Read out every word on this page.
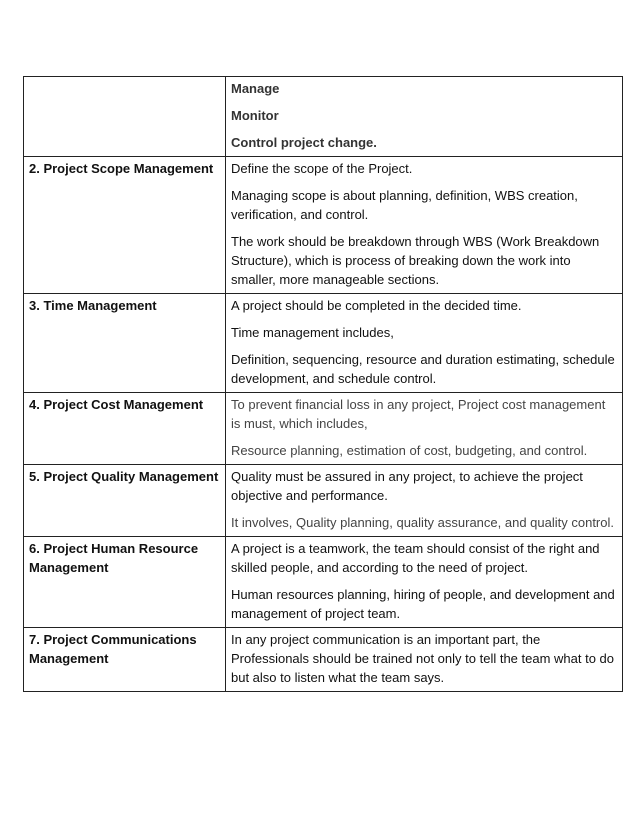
	Manage

Monitor

Control project change.

2. Project Scope Management	Define the scope of the Project.

Managing scope is about planning, definition, WBS creation, verification, and control.

The work should be breakdown through WBS (Work Breakdown Structure), which is process of breaking down the work into smaller, more manageable sections.

3. Time Management	A project should be completed in the decided time.

Time management includes,

Definition, sequencing, resource and duration estimating, schedule development, and schedule control.

4. Project Cost Management	To prevent financial loss in any project, Project cost management is must, which includes,

Resource planning, estimation of cost, budgeting, and control.

5. Project Quality Management	Quality must be assured in any project, to achieve the project objective and performance.

It involves, Quality planning, quality assurance, and quality control.

6. Project Human Resource Management	A project is a teamwork, the team should consist of the right and skilled people, and according to the need of project.

Human resources planning, hiring of people, and development and management of project team.

7. Project Communications Management	In any project communication is an important part, the Professionals should be trained not only to tell the team what to do but also to listen what the team says.
